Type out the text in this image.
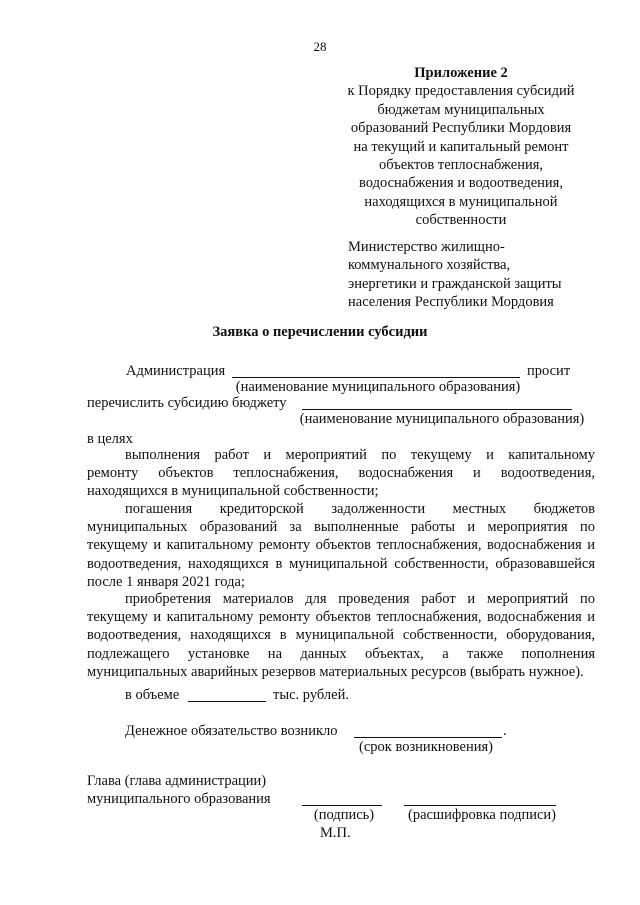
28
Приложение 2
к Порядку предоставления субсидий
бюджетам муниципальных
образований Республики Мордовия
на текущий и капитальный ремонт
объектов теплоснабжения,
водоснабжения и водоотведения,
находящихся в муниципальной
собственности
Министерство жилищно-
коммунального хозяйства,
энергетики и гражданской защиты
населения Республики Мордовия
Заявка о перечислении субсидии
Администрация	просит
(наименование муниципального образования)
перечислить субсидию бюджету
(наименование муниципального образования)
в целях
выполнения работ и мероприятий по текущему и капитальному
ремонту объектов теплоснабжения, водоснабжения и водоотведения, находящихся в муниципальной собственности;
погашения кредиторской задолженности местных бюджетов
муниципальных образований за выполненные работы и мероприятия по текущему и капитальному ремонту объектов теплоснабжения, водоснабжения и водоотведения, находящихся в муниципальной собственности, образовавшейся после 1 января 2021 года;
приобретения материалов для проведения работ и мероприятий по
текущему и капитальному ремонту объектов теплоснабжения, водоснабжения и водоотведения, находящихся в муниципальной собственности, оборудования, подлежащего установке на данных объектах, а также пополнения муниципальных аварийных резервов материальных ресурсов (выбрать нужное).
в объеме	тыс. рублей.
Денежное обязательство возникло	.
(срок возникновения)
Глава (глава администрации)
муниципального образования
(подпись)	(расшифровка подписи)
М.П.
